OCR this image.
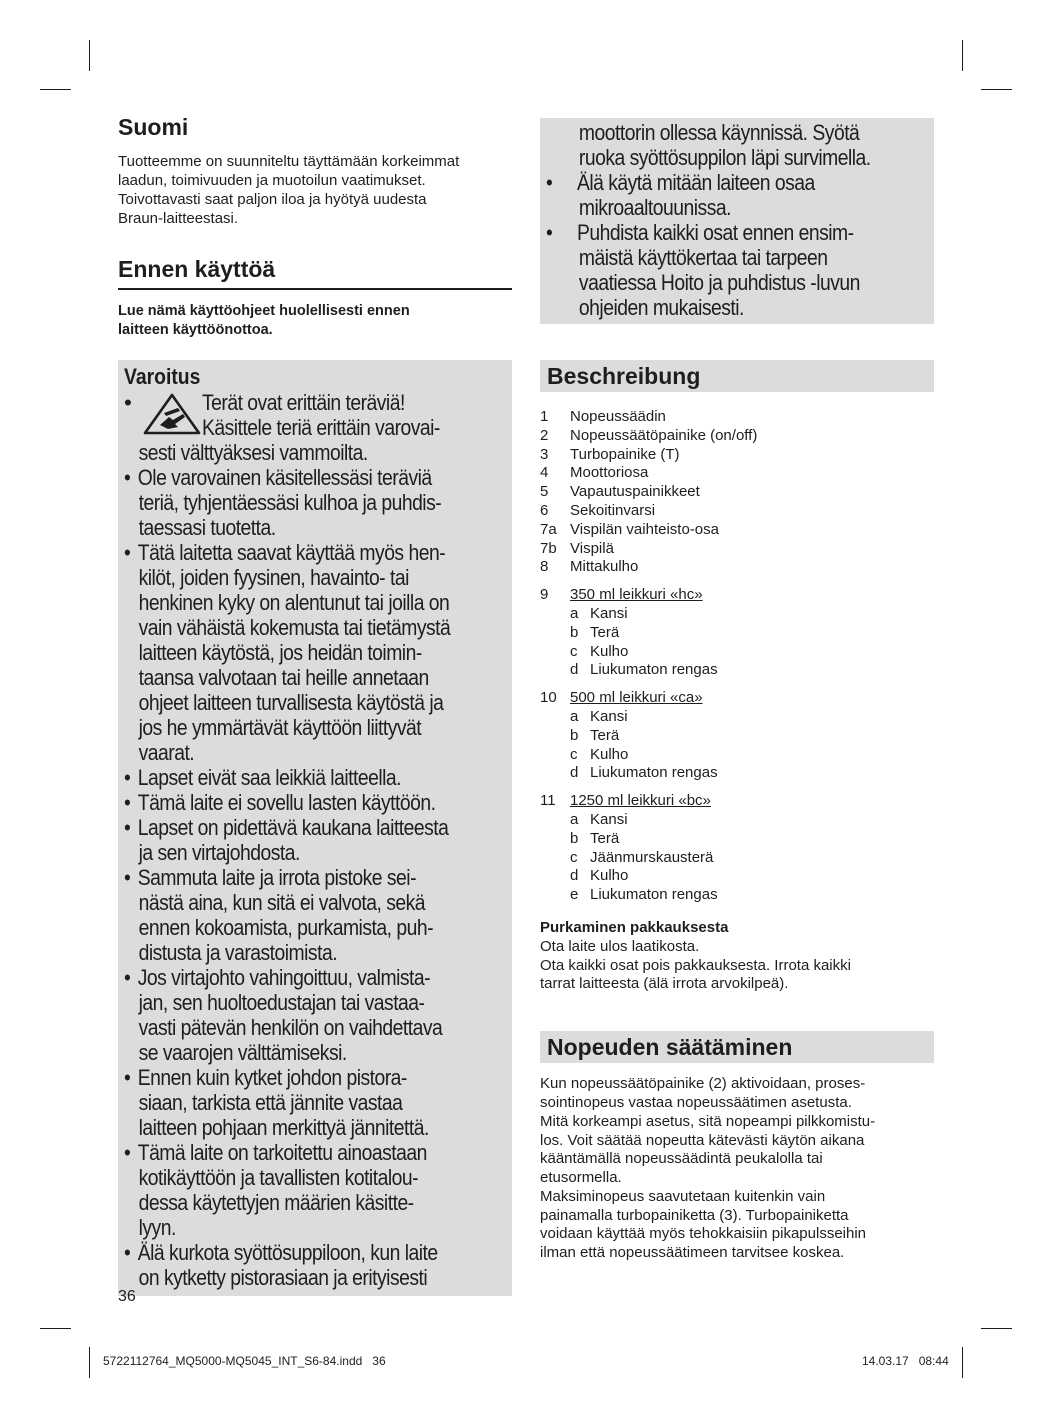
Suomi
Tuotteemme on suunniteltu täyttämään korkeimmat
laadun, toimivuuden ja muotoilun vaatimukset.
Toivottavasti saat paljon iloa ja hyötyä uudesta
Braun-laitteestasi.
Ennen käyttöä
Lue nämä käyttöohjeet huolellisesti ennen
laitteen käyttöönottoa.
Varoitus
•	Terät ovat erittäin teräviä!
Käsittele teriä erittäin varovai-
sesti välttyäksesi vammoilta.
• Ole varovainen käsitellessäsi teräviä
teriä, tyhjentäessäsi kulhoa ja puhdis-
taessasi tuotetta.
• Tätä laitetta saavat käyttää myös hen-
kilöt, joiden fyysinen, havainto- tai
henkinen kyky on alentunut tai joilla on
vain vähäistä kokemusta tai tietämystä
laitteen käytöstä, jos heidän toimin-
taansa valvotaan tai heille annetaan
ohjeet laitteen turvallisesta käytöstä ja
jos he ymmärtävät käyttöön liittyvät
vaarat.
• Lapset eivät saa leikkiä laitteella.
• Tämä laite ei sovellu lasten käyttöön.
• Lapset on pidettävä kaukana laitteesta
ja sen virtajohdosta.
• Sammuta laite ja irrota pistoke sei-
nästä aina, kun sitä ei valvota, sekä
ennen kokoamista, purkamista, puh-
distusta ja varastoimista.
• Jos virtajohto vahingoittuu, valmista-
jan, sen huoltoedustajan tai vastaa-
vasti pätevän henkilön on vaihdettava
se vaarojen välttämiseksi.
• Ennen kuin kytket johdon pistora-
siaan, tarkista että jännite vastaa
laitteen pohjaan merkittyä jännitettä.
• Tämä laite on tarkoitettu ainoastaan
kotikäyttöön ja tavallisten kotitalou-
dessa käytettyjen määrien käsitte-
lyyn.
• Älä kurkota syöttösuppiloon, kun laite
on kytketty pistorasiaan ja erityisesti
moottorin ollessa käynnissä. Syötä
ruoka syöttösuppilon läpi survimella.
• Älä käytä mitään laiteen osaa
mikroaaltouunissa.
• Puhdista kaikki osat ennen ensim-
mäistä käyttökertaa tai tarpeen
vaatiessa Hoito ja puhdistus -luvun
ohjeiden mukaisesti.
Beschreibung
1	Nopeussäädin
2	Nopeussäätöpainike (on/off)
3	Turbopainike (T)
4	Moottoriosa
5	Vapautuspainikkeet
6	Sekoitinvarsi
7a Vispilän vaihteisto-osa
7b Vispilä
8	Mittakulho
9	350 ml leikkuri «hc»
a Kansi
b Terä
c Kulho
d Liukumaton rengas
10 500 ml leikkuri «ca»
a Kansi
b Terä
c Kulho
d Liukumaton rengas
11 1250 ml leikkuri «bc»
a Kansi
b Terä
c Jäänmurskausterä
d Kulho
e Liukumaton rengas
Purkaminen pakkauksesta
Ota laite ulos laatikosta.
Ota kaikki osat pois pakkauksesta. Irrota kaikki
tarrat laitteesta (älä irrota arvokilpeä).
Nopeuden säätäminen
Kun nopeussäätöpainike (2) aktivoidaan, proses-
sointinopeus vastaa nopeussäätimen asetusta.
Mitä korkeampi asetus, sitä nopeampi pilkkomistu-
los. Voit säätää nopeutta kätevästi käytön aikana
kääntämällä nopeussäädintä peukalolla tai
etusormella.
Maksiminopeus saavutetaan kuitenkin vain
painamalla turbopainiketta (3). Turbopainiketta
voidaan käyttää myös tehokkaisiin pikapulsseihin
ilman että nopeussäätimeen tarvitsee koskea.
36
5722112764_MQ5000-MQ5045_INT_S6-84.indd   36	14.03.17   08:44
